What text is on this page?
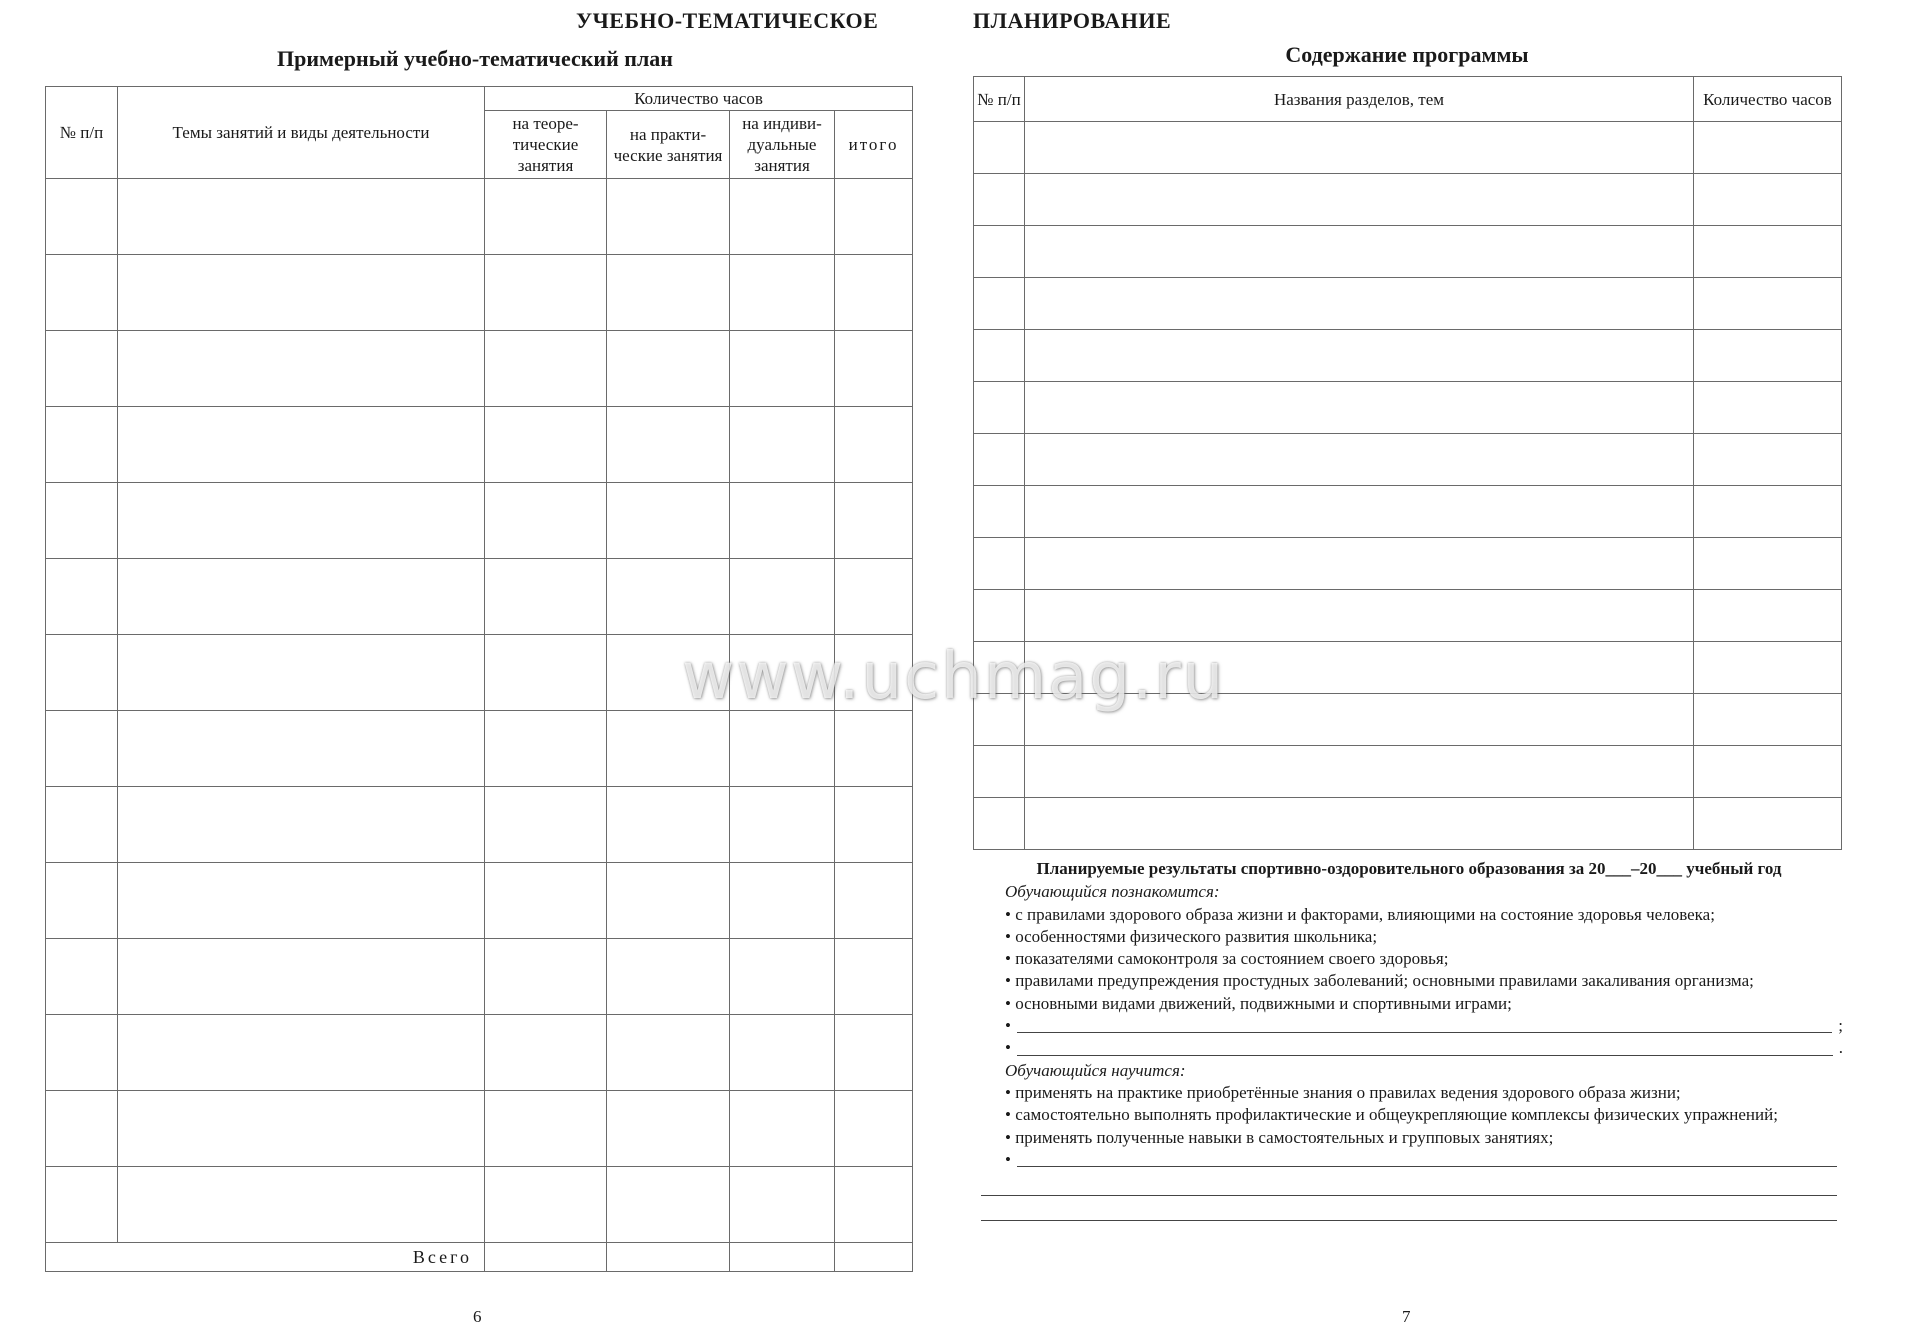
УЧЕБНО-ТЕМАТИЧЕСКОЕ	ПЛАНИРОВАНИЕ
Примерный учебно-тематический план
№ п/п	Темы занятий и виды деятельности	Количество часов			
		на теоре-тические занятия	на практи-ческие занятия	на индиви-дуальные занятия	итого

Всего					
6
Содержание программы
№ п/п	Названия разделов, тем	Количество часов

Планируемые результаты спортивно-оздоровительного образования за 20___–20___ учебный год
Обучающийся познакомится:
• с правилами здорового образа жизни и факторами, влияющими на состояние здоровья человека;
• особенностями физического развития школьника;
• показателями самоконтроля за состоянием своего здоровья;
• правилами предупреждения простудных заболеваний; основными правилами закаливания организма;
• основными видами движений, подвижными и спортивными играми;
•	;
•	.
Обучающийся научится:
• применять на практике приобретённые знания о правилах ведения здорового образа жизни;
• самостоятельно выполнять профилактические и общеукрепляющие комплексы физических упражнений;
• применять полученные навыки в самостоятельных и групповых занятиях;
•
7
www.uchmag.ru
